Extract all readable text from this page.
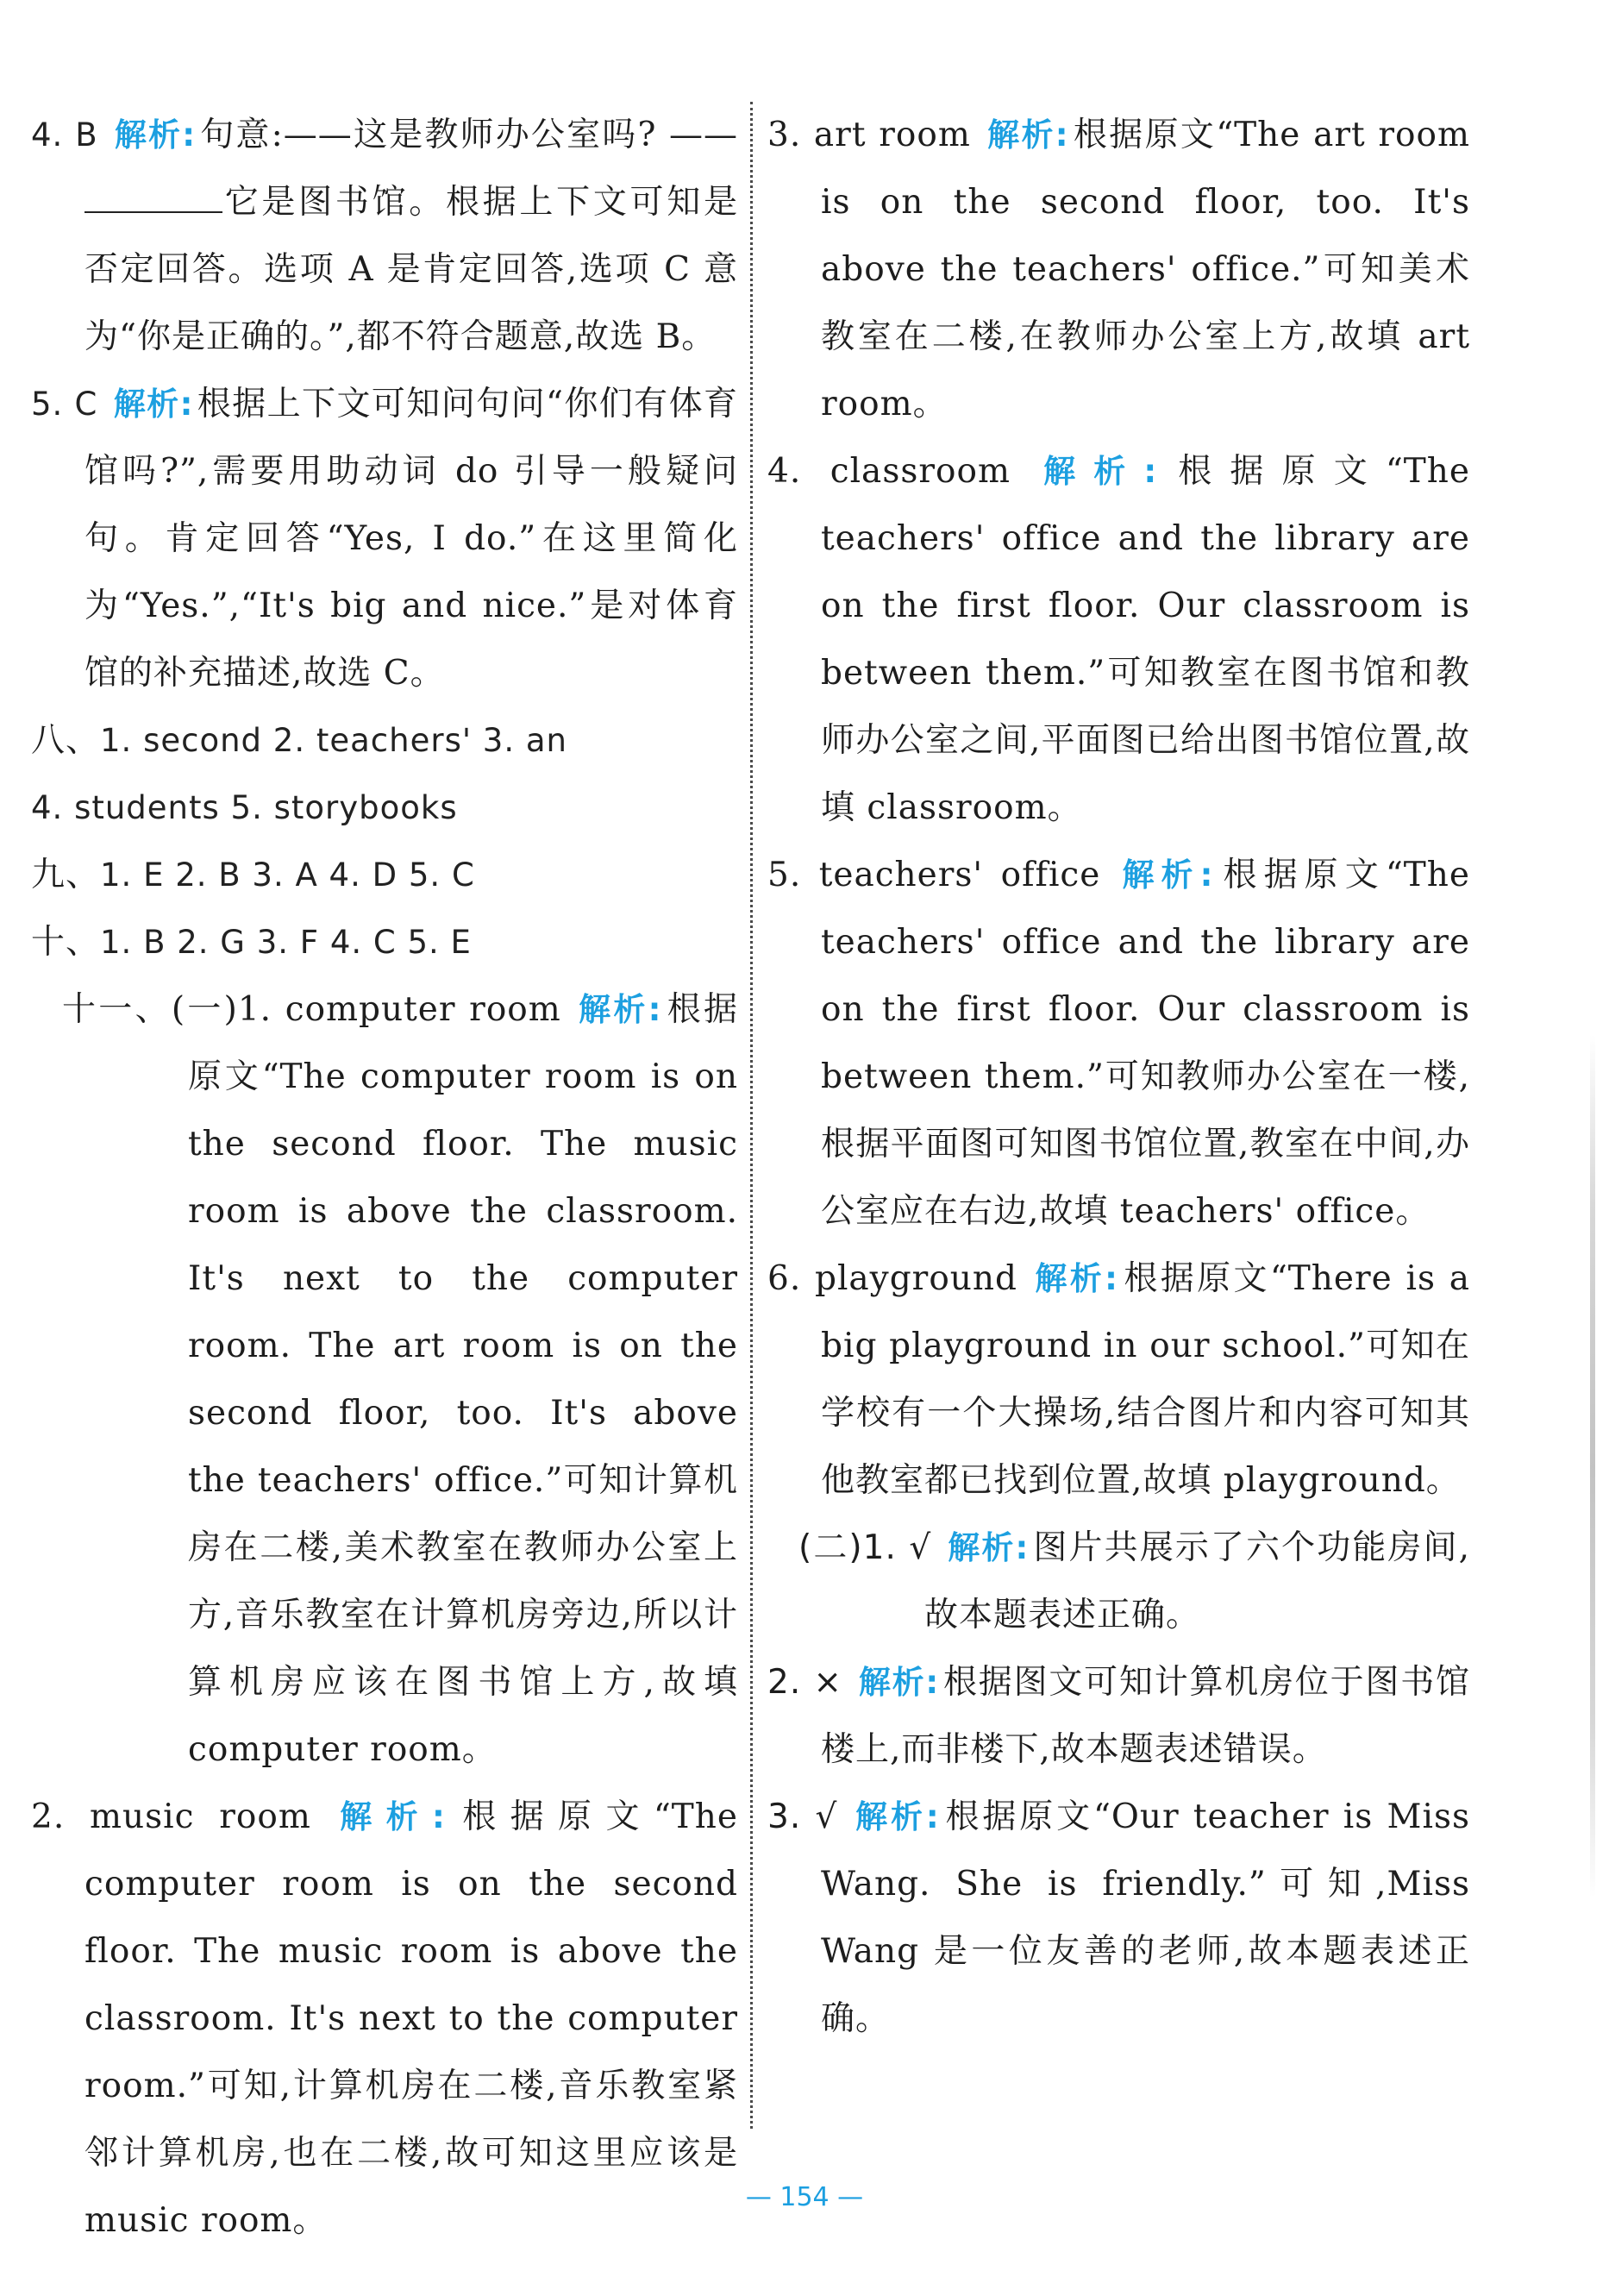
4. B 解析: 句意:——这是教师办公室吗? ——它是图书馆。根据上下文可知是否定回答。选项 A 是肯定回答,选项 C 意为“你是正确的。”,都不符合题意,故选 B。

5. C 解析: 根据上下文可知问句问“你们有体育馆吗?”,需要用助动词 do 引导一般疑问句。肯定回答“Yes, I do.”在这里简化为“Yes.”,“It's big and nice.”是对体育馆的补充描述,故选 C。

八、1. second 2. teachers' 3. an

4. students 5. storybooks

九、1. E 2. B 3. A 4. D 5. C

十、1. B 2. G 3. F 4. C 5. E

十一、(一)1. computer room 解析: 根据原文“The computer room is on the second floor. The music room is above the classroom. It's next to the computer room. The art room is on the second floor, too. It's above the teachers' office.”可知计算机房在二楼,美术教室在教师办公室上方,音乐教室在计算机房旁边,所以计算机房应该在图书馆上方,故填 computer room。

2. music room 解析: 根据原文“The computer room is on the second floor. The music room is above the classroom. It's next to the computer room.”可知,计算机房在二楼,音乐教室紧邻计算机房,也在二楼,故可知这里应该是 music room。

3. art room 解析: 根据原文“The art room is on the second floor, too. It's above the teachers' office.”可知美术教室在二楼,在教师办公室上方,故填 art room。

4. classroom 解析: 根据原文“The teachers' office and the library are on the first floor. Our classroom is between them.”可知教室在图书馆和教师办公室之间,平面图已给出图书馆位置,故填 classroom。

5. teachers' office 解析: 根据原文“The teachers' office and the library are on the first floor. Our classroom is between them.”可知教师办公室在一楼,根据平面图可知图书馆位置,教室在中间,办公室应在右边,故填 teachers' office。

6. playground 解析: 根据原文“There is a big playground in our school.”可知在学校有一个大操场,结合图片和内容可知其他教室都已找到位置,故填 playground。

(二)1. √ 解析: 图片共展示了六个功能房间,故本题表述正确。

2. × 解析: 根据图文可知计算机房位于图书馆楼上,而非楼下,故本题表述错误。

3. √ 解析: 根据原文“Our teacher is Miss Wang. She is friendly.”可知,Miss Wang 是一位友善的老师,故本题表述正确。

— 154 —
